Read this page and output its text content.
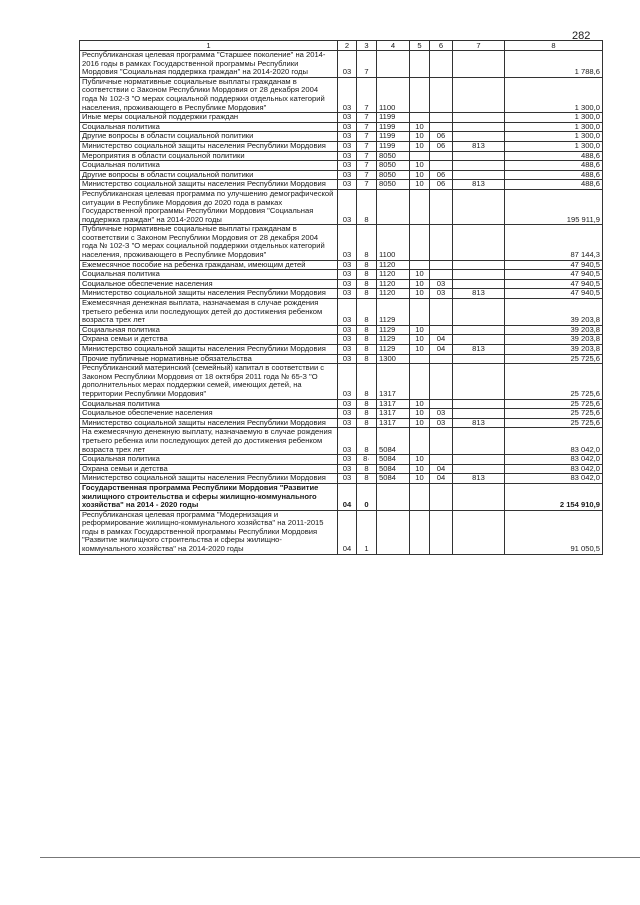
282
1	2	3	4	5	6	7	8
Республиканская целевая программа "Старшее поколение" на 2014-2016 годы в рамках Государственной программы Республики Мордовия "Социальная поддержка граждан" на 2014-2020 годы	03	7					1 788,6
Публичные нормативные социальные выплаты гражданам в соответствии с Законом Республики Мордовия от 28 декабря 2004 года № 102-З "О мерах социальной поддержки отдельных категорий населения, проживающего в Республике Мордовия"	03	7	1100				1 300,0
Иные меры социальной поддержки граждан	03	7	1199				1 300,0
Социальная политика	03	7	1199	10			1 300,0
Другие вопросы в области социальной политики	03	7	1199	10	06		1 300,0
Министерство социальной защиты населения Республики Мордовия	03	7	1199	10	06	813	1 300,0
Мероприятия в области социальной политики	03	7	8050				488,6
Социальная политика	03	7	8050	10			488,6
Другие вопросы в области социальной политики	03	7	8050	10	06		488,6
Министерство социальной защиты населения Республики Мордовия	03	7	8050	10	06	813	488,6
Республиканская целевая программа по улучшению демографической ситуации в Республике Мордовия до 2020 года в рамках Государственной программы Республики Мордовия "Социальная поддержка граждан" на 2014-2020 годы	03	8					195 911,9
Публичные нормативные социальные выплаты гражданам в соответствии с Законом Республики Мордовия от 28 декабря 2004 года № 102-З "О мерах социальной поддержки отдельных категорий населения, проживающего в Республике Мордовия"	03	8	1100				87 144,3
Ежемесячное пособие на ребенка гражданам, имеющим детей	03	8	1120				47 940,5
Социальная политика	03	8	1120	10			47 940,5
Социальное обеспечение населения	03	8	1120	10	03		47 940,5
Министерство социальной защиты населения Республики Мордовия	03	8	1120	10	03	813	47 940,5
Ежемесячная денежная выплата, назначаемая в случае рождения третьего ребенка или последующих детей до достижения ребенком возраста трех лет	03	8	1129				39 203,8
Социальная политика	03	8	1129	10			39 203,8
Охрана семьи и детства	03	8	1129	10	04		39 203,8
Министерство социальной защиты населения Республики Мордовия	03	8	1129	10	04	813	39 203,8
Прочие публичные нормативные обязательства	03	8	1300				25 725,6
Республиканский материнский (семейный) капитал в соответствии с Законом Республики Мордовия от 18 октября 2011 года № 65-З "О дополнительных мерах поддержки семей, имеющих детей, на территории Республики Мордовия"	03	8	1317				25 725,6
Социальная политика	03	8	1317	10			25 725,6
Социальное обеспечение населения	03	8	1317	10	03		25 725,6
Министерство социальной защиты населения Республики Мордовия	03	8	1317	10	03	813	25 725,6
На ежемесячную денежную выплату, назначаемую в случае рождения третьего ребенка или последующих детей до достижения ребенком возраста трех лет	03	8	5084				83 042,0
Социальная политика	03	8·	5084	10			83 042,0
Охрана семьи и детства	03	8	5084	10	04		83 042,0
Министерство социальной защиты населения Республики Мордовия	03	8	5084	10	04	813	83 042,0
Государственная программа Республики Мордовия "Развитие жилищного строительства и сферы жилищно-коммунального хозяйства" на 2014 - 2020 годы	04	0					2 154 910,9
Республиканская целевая программа "Модернизация и реформирование жилищно-коммунального хозяйства" на 2011-2015 годы в рамках Государственной программы Республики Мордовия "Развитие жилищного строительства и сферы жилищно-коммунального хозяйства" на 2014-2020 годы	04	1					91 050,5
